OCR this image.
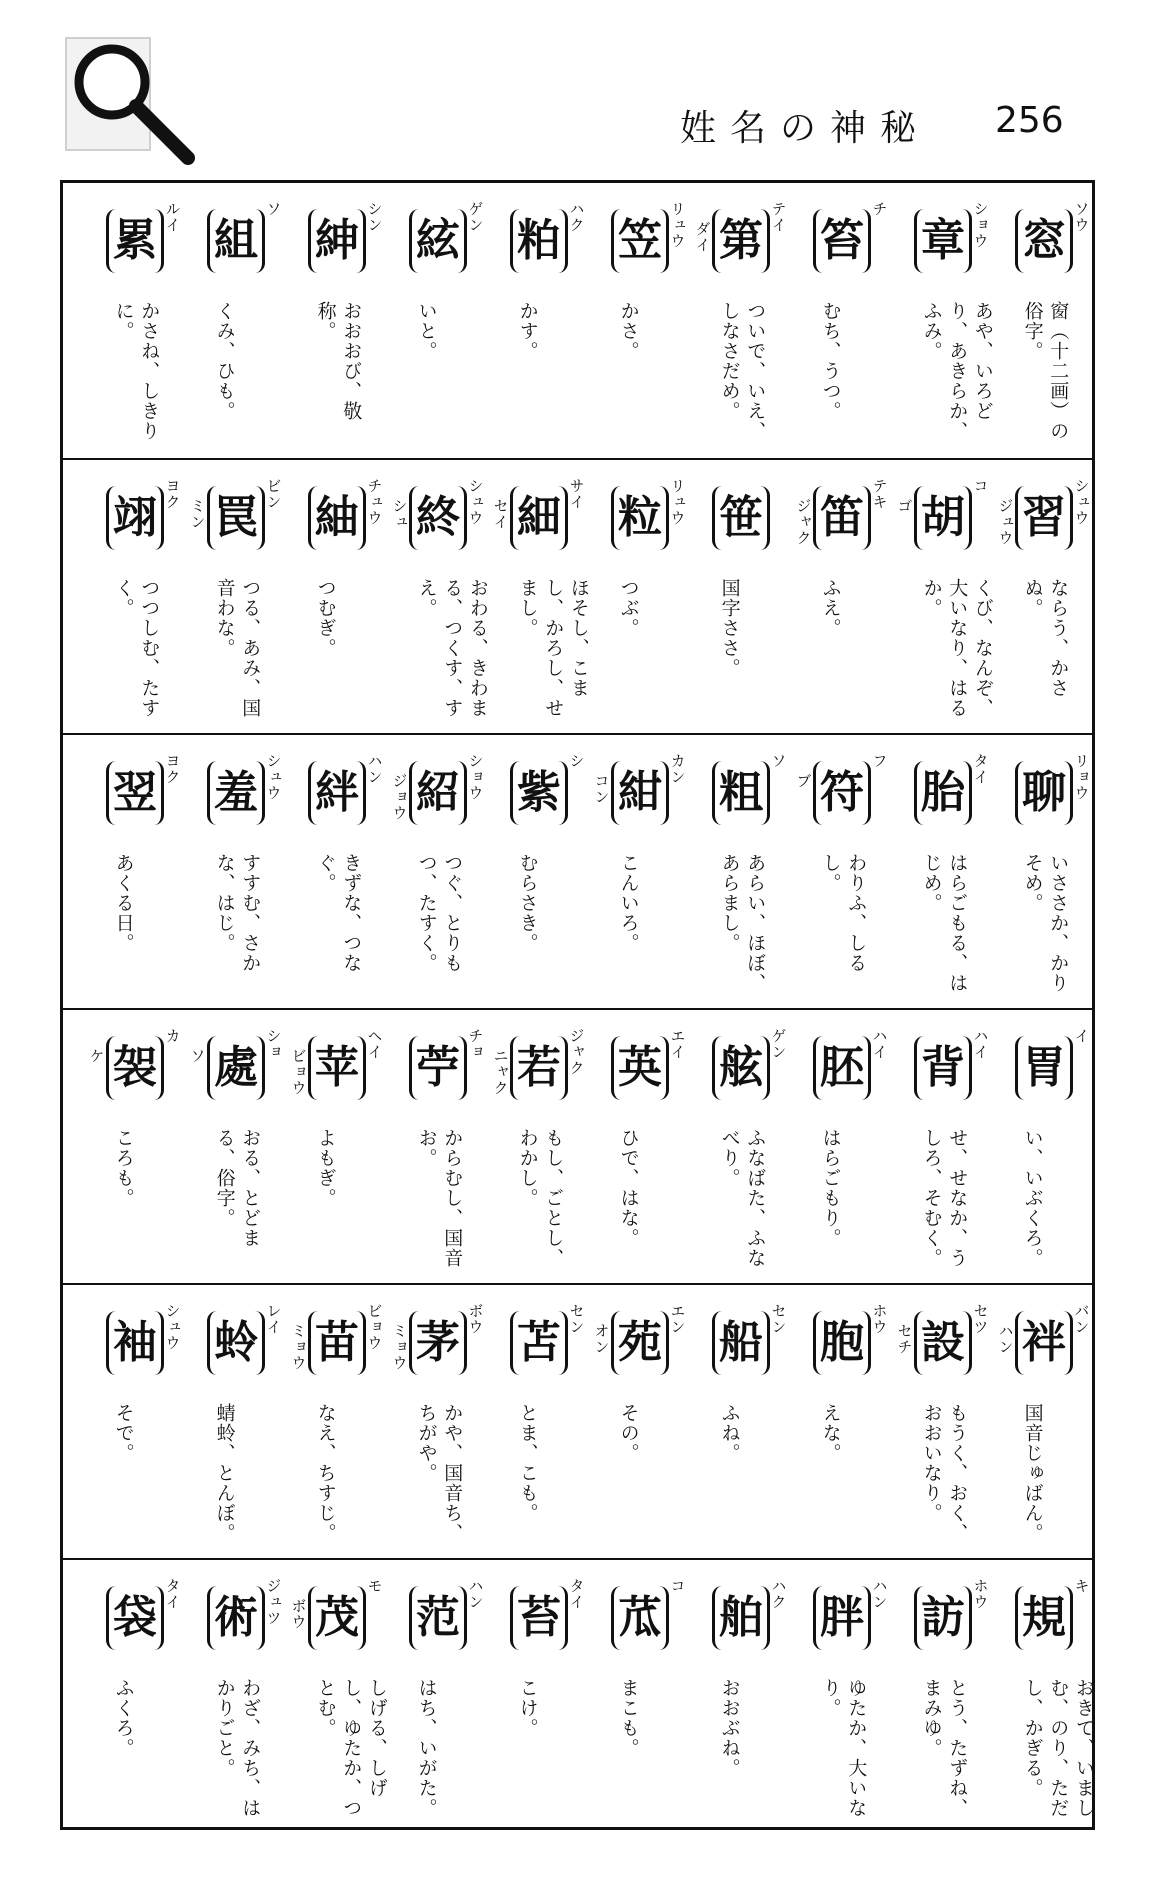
姓名の神秘 256
窓 ソウ
窗（十二画）の俗字。
章 ショウ
あや、いろどり、あきらか、ふみ。
笞
チ
むち、うつ。
第 テイ
ダイ
ついで、いえ、しなさだめ。
笠 リュウ
かさ。
粕 ハク
かす。
絃 ゲン
いと。
紳 シン
おおおび、敬称。
組
ソ
くみ、ひも。
累 ルイ
かさね、しきりに。
習 シュウ
ジュウ
ならう、かさぬ。
胡
コ
ゴ
くび、なんぞ、大いなり、はるか。
笛 テキ
ジャク
ふえ。
笹
国字ささ。
粒 リュウ
つぶ。
細 サイ
セイ
ほそし、こまし、かろし、せまし。
終 シュウ
シュ
おわる、きわまる、つくす、すえ。
紬 チュウ
つむぎ。
罠 ビン
ミン
つる、あみ、国音わな。
翊 ヨク
つつしむ、たすく。
聊 リョウ
いささか、かりそめ。
胎 タイ
はらごもる、はじめ。
符
フ
ブ
わりふ、しるし。
粗
ソ
あらい、ほぼ、あらまし。
紺 カン
コン
こんいろ。
紫
シ
むらさき。
紹 ショウ
ジョウ
つぐ、とりもつ、たすく。
絆 ハン
きずな、つなぐ。
羞 シュウ
すすむ、さかな、はじ。
翌 ヨク
あくる日。
胃
イ
い、いぶくろ。
背 ハイ
せ、せなか、うしろ、そむく。
胚 ハイ
はらごもり。
舷 ゲン
ふなばた、ふなべり。
英 エイ
ひで、はな。
若 ジャク
ニャク
もし、ごとし、わかし。
苧 チョ
からむし、国音お。
苹 ヘイ
ビョウ
よもぎ。
處 ショ
ソ
おる、とどまる、俗字。
袈
カ
ケ
ころも。
袢 バン
ハン
国音じゅばん。
設 セツ
セチ
もうく、おく、おおいなり。
胞 ホウ
えな。
船 セン
ふね。
苑 エン
オン
その。
苫 セン
とま、こも。
茅 ボウ
ミョウ
かや、国音ち、ちがや。
苗 ビョウ
ミョウ
なえ、ちすじ。
蛉 レイ
蜻蛉、とんぼ。
袖 シュウ
そで。
規
キ
おきて、いましむ、のり、ただし、かぎる。
訪 ホウ
とう、たずね、まみゆ。
胖 ハン
ゆたか、大いなり。
舶 ハク
おおぶね。
苽
コ
まこも。
苔 タイ
こけ。
范 ハン
はち、いがた。
茂
モ
ボウ
しげる、しげし、ゆたか、つとむ。
術 ジュツ
わざ、みち、はかりごと。
袋 タイ
ふくろ。
